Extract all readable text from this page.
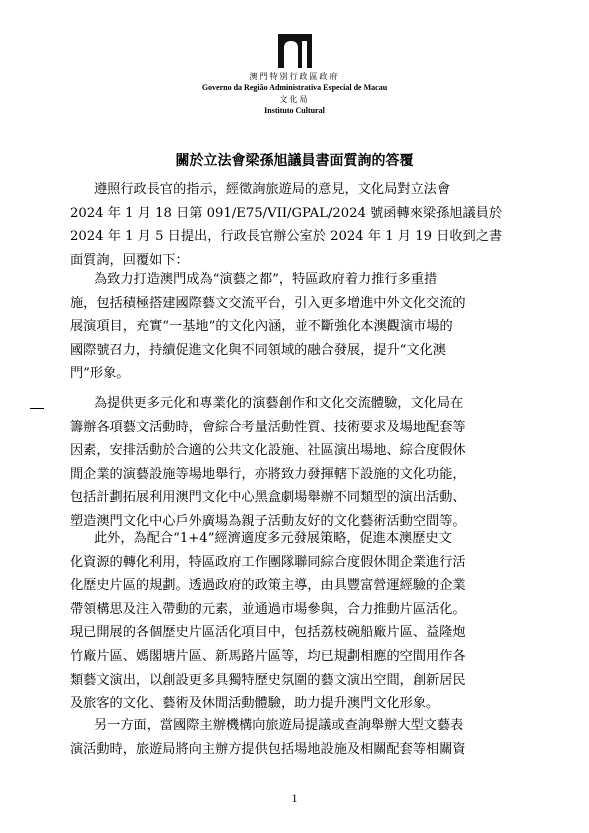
澳門特別行政區政府
Governo da Região Administrativa Especial de Macau
文化局
Instituto Cultural
關於立法會梁孫旭議員書面質詢的答覆
遵照行政長官的指示，經徵詢旅遊局的意見，文化局對立法會
2024 年 1 月 18 日第 091/E75/VII/GPAL/2024 號函轉來梁孫旭議員於
2024 年 1 月 5 日提出，行政長官辦公室於 2024 年 1 月 19 日收到之書
面質詢，回覆如下：
為致力打造澳門成為“演藝之都”，特區政府着力推行多重措
施，包括積極搭建國際藝文交流平台，引入更多增進中外文化交流的
展演項目，充實“一基地”的文化內涵，並不斷強化本澳觀演市場的
國際號召力，持續促進文化與不同領域的融合發展，提升“文化澳
門”形象。
為提供更多元化和專業化的演藝創作和文化交流體驗，文化局在
籌辦各項藝文活動時，會綜合考量活動性質、技術要求及場地配套等
因素，安排活動於合適的公共文化設施、社區演出場地、綜合度假休
閒企業的演藝設施等場地舉行，亦將致力發揮轄下設施的文化功能，
包括計劃拓展利用澳門文化中心黑盒劇場舉辦不同類型的演出活動、
塑造澳門文化中心戶外廣場為親子活動友好的文化藝術活動空間等。
此外，為配合“1+4”經濟適度多元發展策略，促進本澳歷史文
化資源的轉化利用，特區政府工作團隊聯同綜合度假休閒企業進行活
化歷史片區的規劃。透過政府的政策主導，由具豐富營運經驗的企業
帶領構思及注入帶動的元素，並通過市場參與，合力推動片區活化。
現已開展的各個歷史片區活化項目中，包括荔枝碗船廠片區、益隆炮
竹廠片區、媽閣塘片區、新馬路片區等，均已規劃相應的空間用作各
類藝文演出，以創設更多具獨特歷史氛圍的藝文演出空間，創新居民
及旅客的文化、藝術及休閒活動體驗，助力提升澳門文化形象。
另一方面，當國際主辦機構向旅遊局提議或查詢舉辦大型文藝表
演活動時，旅遊局將向主辦方提供包括場地設施及相關配套等相關資
1
